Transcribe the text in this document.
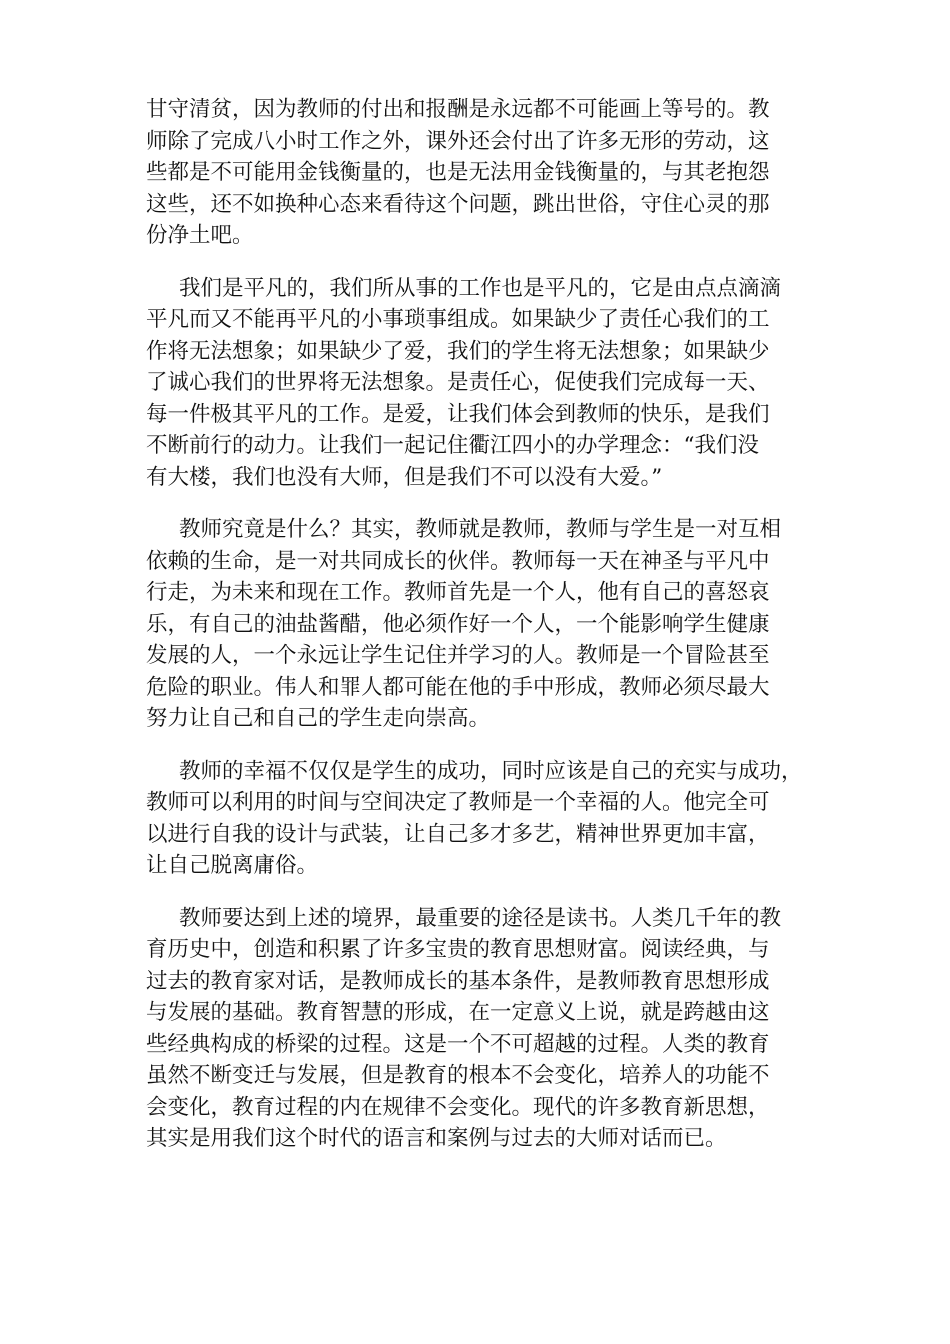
甘守清贫，因为教师的付出和报酬是永远都不可能画上等号的。教
师除了完成八小时工作之外，课外还会付出了许多无形的劳动，这
些都是不可能用金钱衡量的，也是无法用金钱衡量的，与其老抱怨
这些，还不如换种心态来看待这个问题，跳出世俗，守住心灵的那
份净土吧。
我们是平凡的，我们所从事的工作也是平凡的，它是由点点滴滴
平凡而又不能再平凡的小事琐事组成。如果缺少了责任心我们的工
作将无法想象；如果缺少了爱，我们的学生将无法想象；如果缺少
了诚心我们的世界将无法想象。是责任心，促使我们完成每一天、
每一件极其平凡的工作。是爱，让我们体会到教师的快乐，是我们
不断前行的动力。让我们一起记住衢江四小的办学理念：“我们没
有大楼，我们也没有大师，但是我们不可以没有大爱。”
教师究竟是什么？其实，教师就是教师，教师与学生是一对互相
依赖的生命，是一对共同成长的伙伴。教师每一天在神圣与平凡中
行走，为未来和现在工作。教师首先是一个人，他有自己的喜怒哀
乐，有自己的油盐酱醋，他必须作好一个人，一个能影响学生健康
发展的人，一个永远让学生记住并学习的人。教师是一个冒险甚至
危险的职业。伟人和罪人都可能在他的手中形成，教师必须尽最大
努力让自己和自己的学生走向崇高。
教师的幸福不仅仅是学生的成功，同时应该是自己的充实与成功，
教师可以利用的时间与空间决定了教师是一个幸福的人。他完全可
以进行自我的设计与武装，让自己多才多艺，精神世界更加丰富，
让自己脱离庸俗。
教师要达到上述的境界，最重要的途径是读书。人类几千年的教
育历史中，创造和积累了许多宝贵的教育思想财富。阅读经典，与
过去的教育家对话，是教师成长的基本条件，是教师教育思想形成
与发展的基础。教育智慧的形成，在一定意义上说，就是跨越由这
些经典构成的桥梁的过程。这是一个不可超越的过程。人类的教育
虽然不断变迁与发展，但是教育的根本不会变化，培养人的功能不
会变化，教育过程的内在规律不会变化。现代的许多教育新思想，
其实是用我们这个时代的语言和案例与过去的大师对话而已。
